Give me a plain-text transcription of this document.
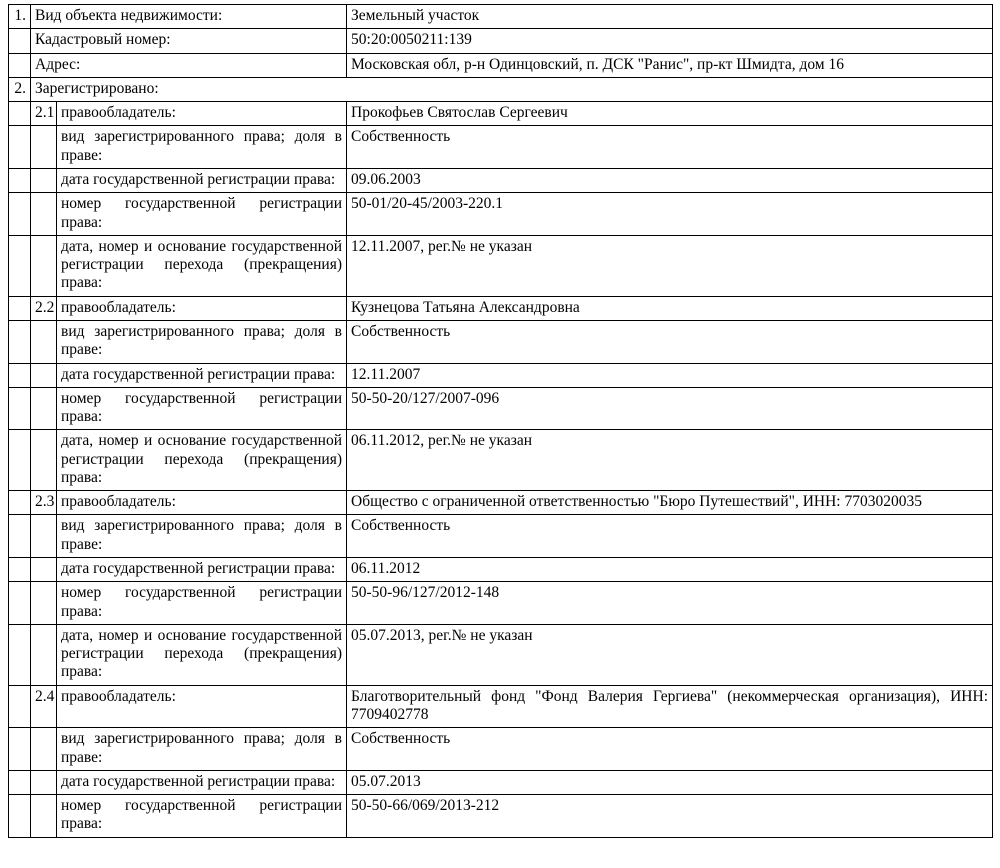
1.	Вид объекта недвижимости:		Земельный участок
	Кадастровый номер:		50:20:0050211:139
	Адрес:		Московская обл, р-н Одинцовский, п. ДСК "Ранис", пр-кт Шмидта, дом 16
2.	Зарегистрировано:		
	2.1	правообладатель:	Прокофьев Святослав Сергеевич

		вид зарегистрированного права; доля в праве:	Собственность

		дата государственной регистрации права:	09.06.2003

		номер государственной регистрации права:	50-01/20-45/2003-220.1

		дата, номер и основание государственной регистрации перехода (прекращения) права:	12.11.2007, рег.№ не указан
	2.2	правообладатель:	Кузнецова Татьяна Александровна

		вид зарегистрированного права; доля в праве:	Собственность

		дата государственной регистрации права:	12.11.2007

		номер государственной регистрации права:	50-50-20/127/2007-096

		дата, номер и основание государственной регистрации перехода (прекращения) права:	06.11.2012, рег.№ не указан
	2.3	правообладатель:	Общество с ограниченной ответственностью "Бюро Путешествий", ИНН: 7703020035

		вид зарегистрированного права; доля в праве:	Собственность

		дата государственной регистрации права:	06.11.2012

		номер государственной регистрации права:	50-50-96/127/2012-148

		дата, номер и основание государственной регистрации перехода (прекращения) права:	05.07.2013, рег.№ не указан
	2.4	правообладатель:	Благотворительный фонд "Фонд Валерия Гергиева" (некоммерческая организация), ИНН: 7709402778

		вид зарегистрированного права; доля в праве:	Собственность

		дата государственной регистрации права:	05.07.2013

		номер государственной регистрации права:	50-50-66/069/2013-212
